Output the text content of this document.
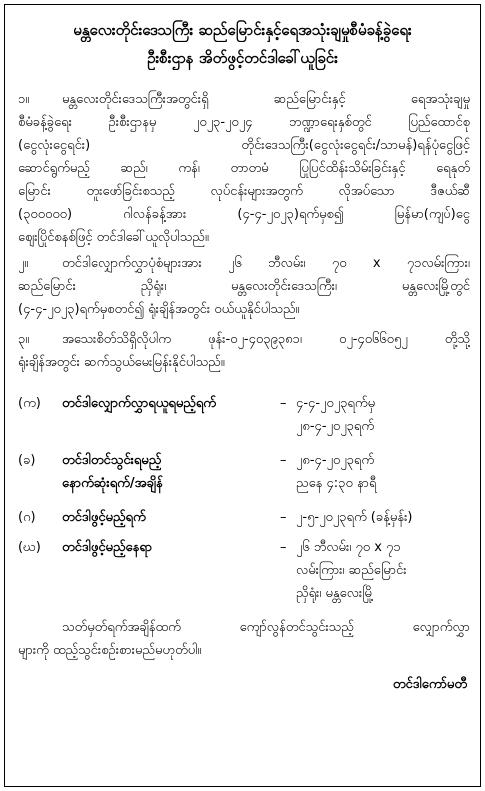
မန္တလေးတိုင်းဒေသကြီး ဆည်မြောင်းနှင့်ရေအသုံးချမှုစီမံခန့်ခွဲရေး
ဦးစီးဌာန အိတ်ဖွင့်တင်ဒါခေါ်ယူခြင်း
၁။	မန္တလေးတိုင်းဒေသကြီးအတွင်းရှိ ဆည်မြောင်းနှင့် ရေအသုံးချမှု
စီမံခန့်ခွဲရေး ဦးစီးဌာနမှ ၂၀၂၃-၂၀၂၄ ဘဏ္ဍာရေးနှစ်တွင် ပြည်ထောင်စု
(ငွေလုံးငွေရင်း) တိုင်းဒေသကြီး(ငွေလုံးငွေရင်း/သာမန်)ရန်ပုံငွေဖြင့်
ဆောင်ရွက်မည့် ဆည်၊ ကန်၊ တာတမံ ပြုပြင်ထိန်းသိမ်းခြင်းနှင့် ရေနုတ်
မြောင်း တူးဖော်ခြင်းစသည့် လုပ်ငန်းများအတွက် လိုအပ်သော ဒီဇယ်ဆီ
(၃၀၀၀၀၀) ဂါလန်ခန့်အား (၄-၄-၂၀၂၃)ရက်မှစ၍ မြန်မာ(ကျပ်)ငွေ
ဈေးပြိုင်စနစ်ဖြင့် တင်ဒါခေါ်ယူလိုပါသည်။
၂။	တင်ဒါလျှောက်လွှာပုံစံများအား ၂၆ ဘီလမ်း၊ ၇၀ x ၇၁လမ်းကြား၊
ဆည်မြောင်း ညှိရုံး၊ မန္တလေးတိုင်းဒေသကြီး၊ မန္တလေးမြို့တွင်
(၄-၄-၂၀၂၃)ရက်မှစတင်၍ ရုံးချိန်အတွင်း ဝယ်ယူနိုင်ပါသည်။
၃။	အသေးစိတ်သိရှိလိုပါက ဖုန်း-၀၂-၄၀၃၉၃၈၁၊ ၀၂-၄၀၆၆၀၅၂ တို့သို့
ရုံးချိန်အတွင်း ဆက်သွယ်မေးမြန်းနိုင်ပါသည်။
(က)	တင်ဒါလျှောက်လွှာရယူရမည့်ရက်	– ၄-၄-၂၀၂၃ရက်မှ
၂၈-၄-၂၀၂၃ရက်
(ခ)	တင်ဒါတင်သွင်းရမည့်
နောက်ဆုံးရက်/အချိန်
– ၂၈-၄-၂၀၂၃ရက်
ညနေ ၄:၃၀ နာရီ
(ဂ)	တင်ဒါဖွင့်မည့်ရက်	– ၂-၅-၂၀၂၃ရက် (ခန့်မှန်း)
(ဃ)	တင်ဒါဖွင့်မည့်နေရာ	– ၂၆ ဘီလမ်း၊ ၇၀ x ၇၁
လမ်းကြား၊ ဆည်မြောင်း
ညှိရုံး၊ မန္တလေးမြို့
သတ်မှတ်ရက်အချိန်ထက် ကျော်လွန်တင်သွင်းသည့် လျှောက်လွှာ
များကို ထည့်သွင်းစဉ်းစားမည်မဟုတ်ပါ။
တင်ဒါကော်မတီ
